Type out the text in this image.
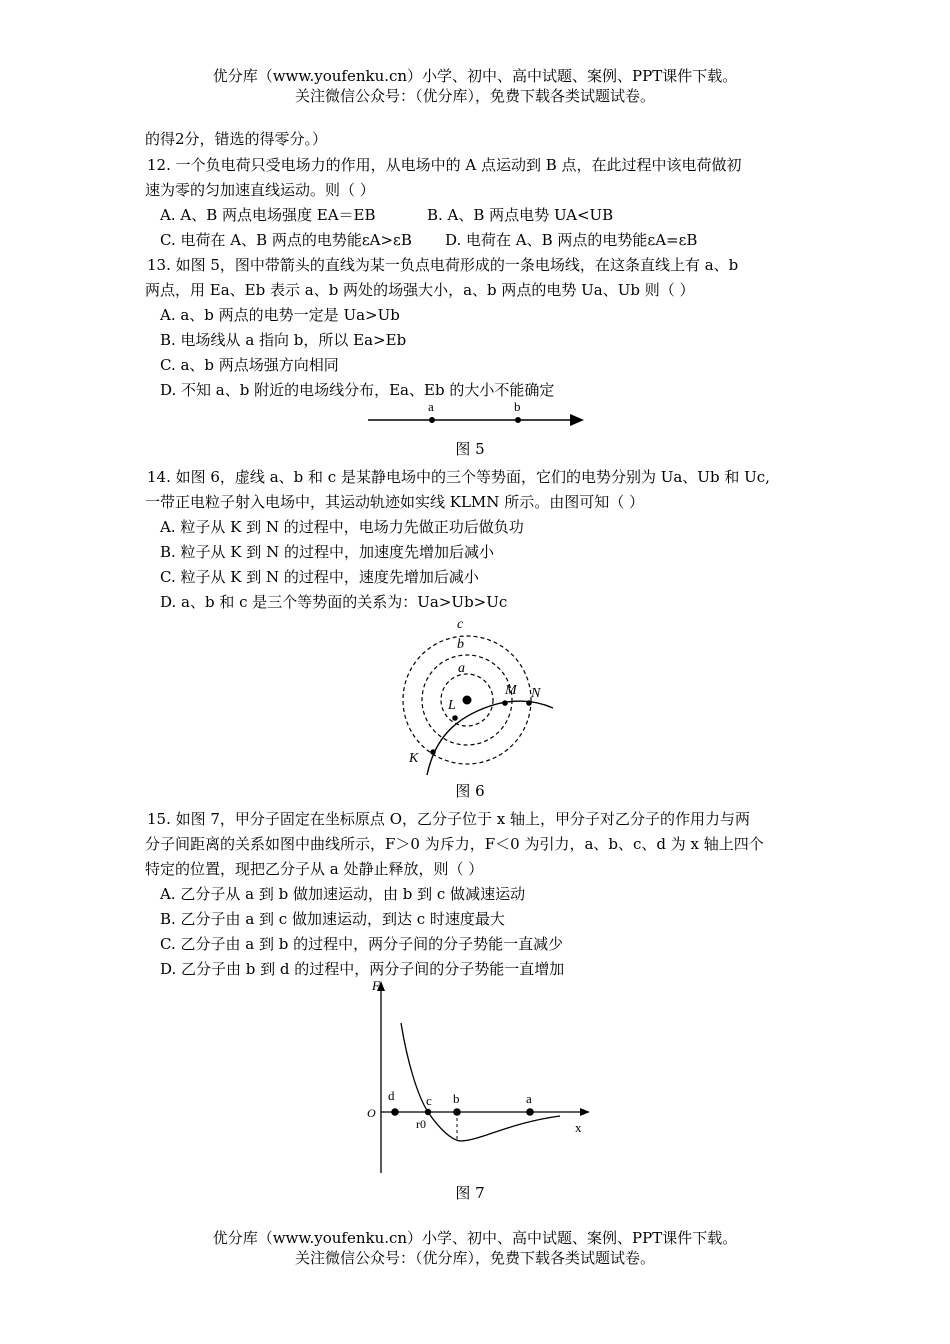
优分库（www.youfenku.cn）小学、初中、高中试题、案例、PPT课件下载。
关注微信公众号：（优分库），免费下载各类试题试卷。
的得2分，错选的得零分。）
12. 一个负电荷只受电场力的作用，从电场中的 A 点运动到 B 点，在此过程中该电荷做初
速为零的匀加速直线运动。则（ ）
A. A、B 两点电场强度 EA＝EB	B. A、B 两点电势 UA<UB
C. 电荷在 A、B 两点的电势能εA>εB D. 电荷在 A、B 两点的电势能εA=εB
13. 如图 5，图中带箭头的直线为某一负点电荷形成的一条电场线，在这条直线上有 a、b
两点，用 Ea、Eb 表示 a、b 两处的场强大小，a、b 两点的电势 Ua、Ub 则（ ）
A. a、b 两点的电势一定是 Ua>Ub
B. 电场线从 a 指向 b，所以 Ea>Eb
C. a、b 两点场强方向相同
D. 不知 a、b 附近的电场线分布，Ea、Eb 的大小不能确定
a	b
图 5
14. 如图 6，虚线 a、b 和 c 是某静电场中的三个等势面，它们的电势分别为 Ua、Ub 和 Uc,
一带正电粒子射入电场中，其运动轨迹如实线 KLMN 所示。由图可知（ ）
A. 粒子从 K 到 N 的过程中，电场力先做正功后做负功
B. 粒子从 K 到 N 的过程中，加速度先增加后减小
C. 粒子从 K 到 N 的过程中，速度先增加后减小
D. a、b 和 c 是三个等势面的关系为：Ua>Ub>Uc
c
b
a
L
M N
K
图 6
15. 如图 7，甲分子固定在坐标原点 O，乙分子位于 x 轴上，甲分子对乙分子的作用力与两
分子间距离的关系如图中曲线所示，F＞0 为斥力，F＜0 为引力，a、b、c、d 为 x 轴上四个
特定的位置，现把乙分子从 a 处静止释放，则（ ）
A. 乙分子从 a 到 b 做加速运动，由 b 到 c 做减速运动
B. 乙分子由 a 到 c 做加速运动，到达 c 时速度最大
C. 乙分子由 a 到 b 的过程中，两分子间的分子势能一直减少
D. 乙分子由 b 到 d 的过程中，两分子间的分子势能一直增加
F
O
x
d c b	a
r0
图 7
优分库（www.youfenku.cn）小学、初中、高中试题、案例、PPT课件下载。
关注微信公众号：（优分库），免费下载各类试题试卷。
